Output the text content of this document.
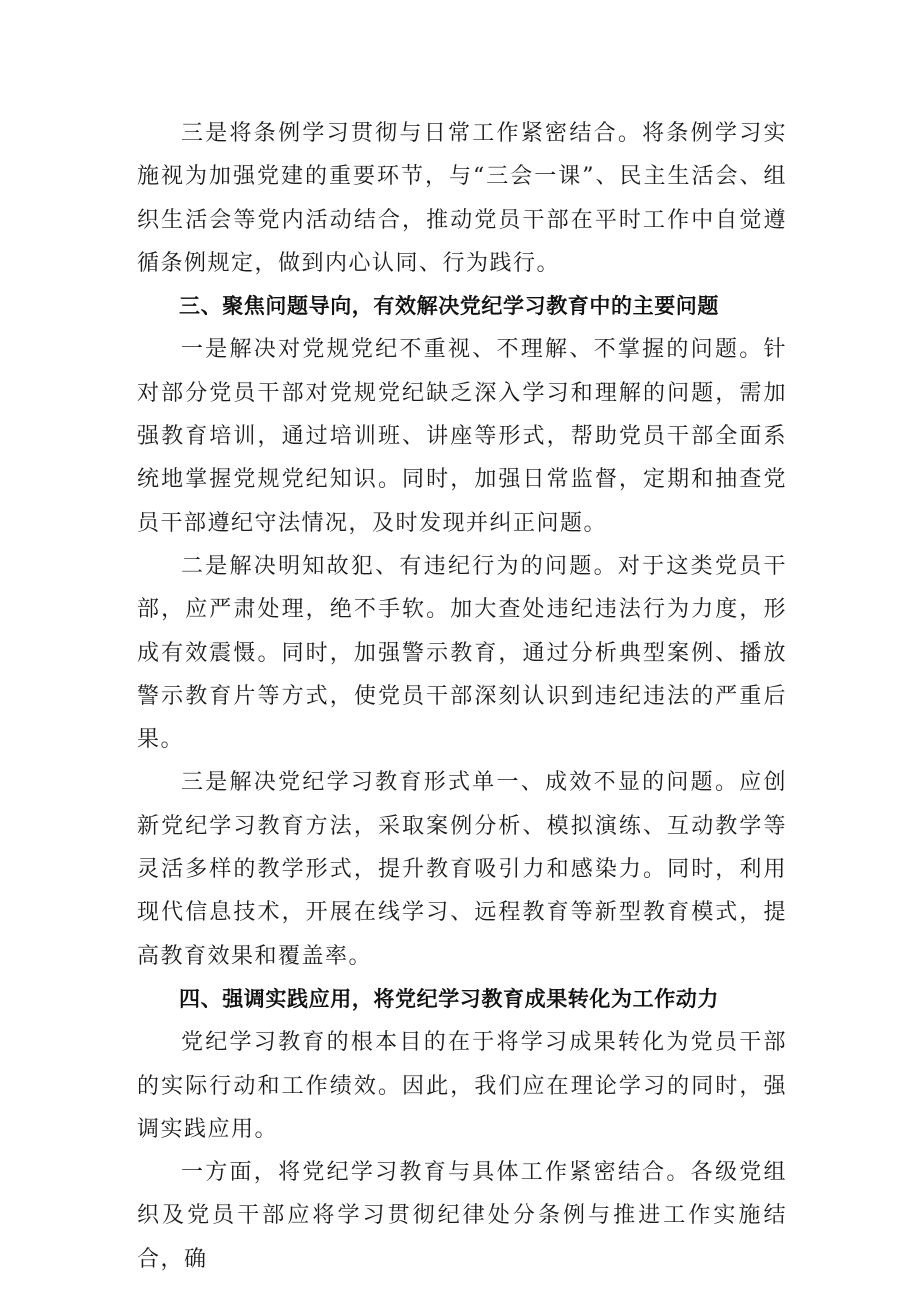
三是将条例学习贯彻与日常工作紧密结合。将条例学习实施视为加强党建的重要环节，与“三会一课”、民主生活会、组织生活会等党内活动结合，推动党员干部在平时工作中自觉遵循条例规定，做到内心认同、行为践行。

三、聚焦问题导向，有效解决党纪学习教育中的主要问题

一是解决对党规党纪不重视、不理解、不掌握的问题。针对部分党员干部对党规党纪缺乏深入学习和理解的问题，需加强教育培训，通过培训班、讲座等形式，帮助党员干部全面系统地掌握党规党纪知识。同时，加强日常监督，定期和抽查党员干部遵纪守法情况，及时发现并纠正问题。

二是解决明知故犯、有违纪行为的问题。对于这类党员干部，应严肃处理，绝不手软。加大查处违纪违法行为力度，形成有效震慑。同时，加强警示教育，通过分析典型案例、播放警示教育片等方式，使党员干部深刻认识到违纪违法的严重后果。

三是解决党纪学习教育形式单一、成效不显的问题。应创新党纪学习教育方法，采取案例分析、模拟演练、互动教学等灵活多样的教学形式，提升教育吸引力和感染力。同时，利用现代信息技术，开展在线学习、远程教育等新型教育模式，提高教育效果和覆盖率。

四、强调实践应用，将党纪学习教育成果转化为工作动力

党纪学习教育的根本目的在于将学习成果转化为党员干部的实际行动和工作绩效。因此，我们应在理论学习的同时，强调实践应用。

一方面，将党纪学习教育与具体工作紧密结合。各级党组织及党员干部应将学习贯彻纪律处分条例与推进工作实施结合，确
